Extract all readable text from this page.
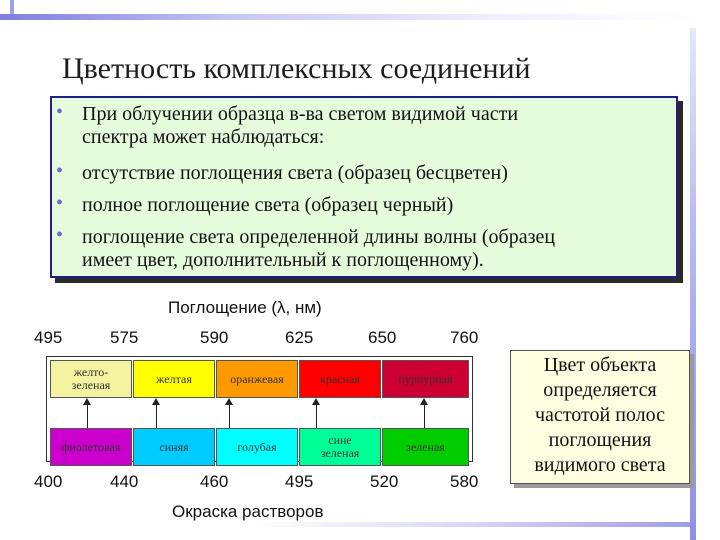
Цветность комплексных соединений
• При облучении образца в-ва светом видимой части
спектра может наблюдаться:
• отсутствие поглощения света (образец бесцветен)
• полное поглощение света (образец черный)
• поглощение света определенной длины волны (образец
имеет цвет, дополнительный к поглощенному).
Поглощение (λ, нм)
495	575	590	625	650	760
желто-
зеленая	желтая	оранжевая	красная	пурпурная
фиолетовая	синяя	голубая	сине
зеленая	зеленая
400	440	460	495	520	580
Окраска растворов
Цвет объекта
определяется
частотой полос
поглощения
видимого света
